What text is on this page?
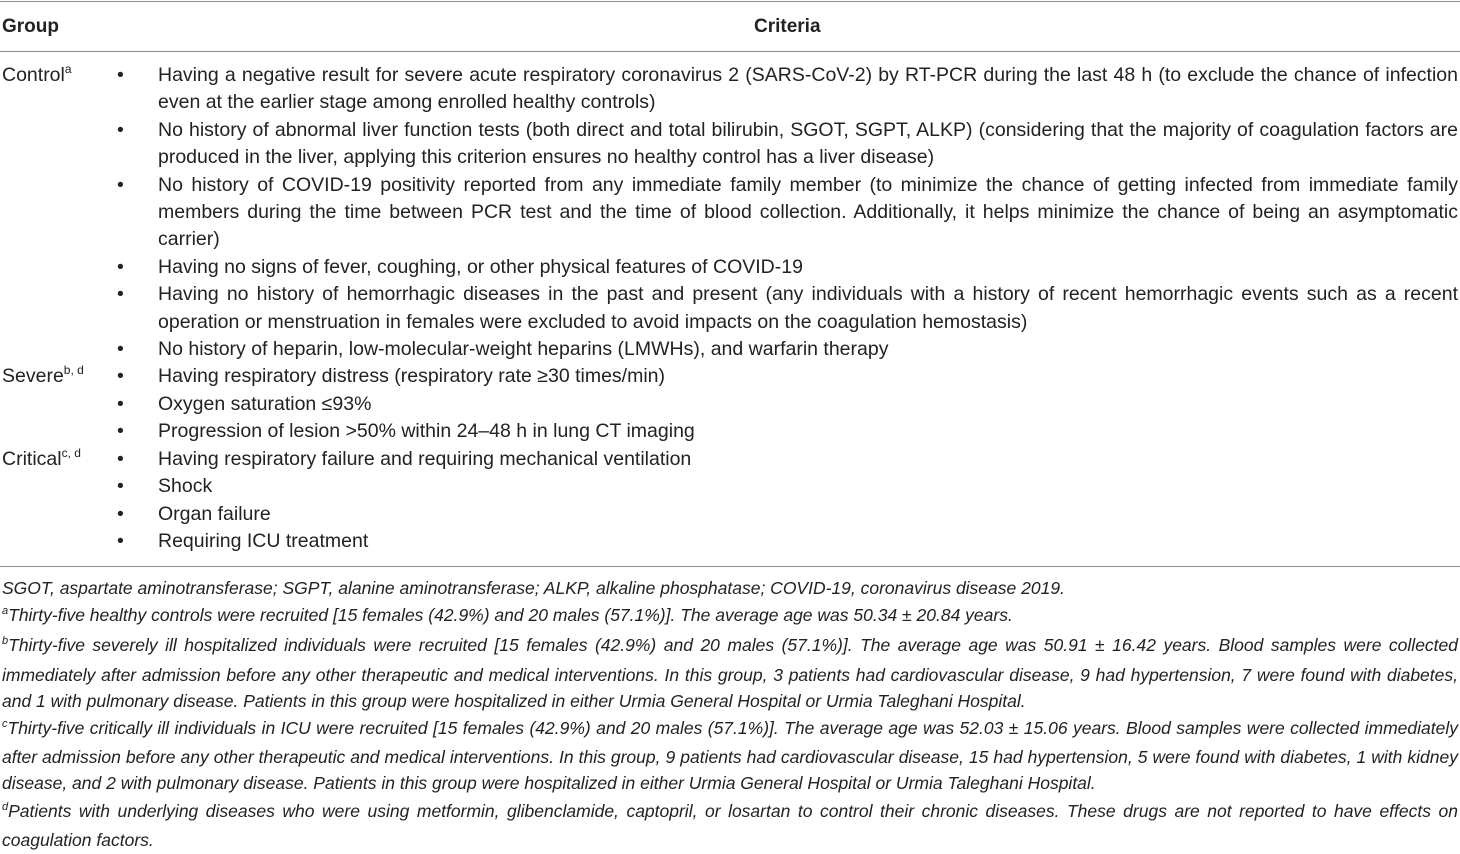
Group	Criteria
Control$^a$ • Having a negative result for severe acute respiratory coronavirus 2 (SARS-CoV-2) by RT-PCR during the last 48 h (to exclude the chance of infection even at the earlier stage among enrolled healthy controls)
• No history of abnormal liver function tests (both direct and total bilirubin, SGOT, SGPT, ALKP) (considering that the majority of coagulation factors are produced in the liver, applying this criterion ensures no healthy control has a liver disease)
• No history of COVID-19 positivity reported from any immediate family member (to minimize the chance of getting infected from immediate family members during the time between PCR test and the time of blood collection. Additionally, it helps minimize the chance of being an asymptomatic carrier)
• Having no signs of fever, coughing, or other physical features of COVID-19
• Having no history of hemorrhagic diseases in the past and present (any individuals with a history of recent hemorrhagic events such as a recent operation or menstruation in females were excluded to avoid impacts on the coagulation hemostasis)
• No history of heparin, low-molecular-weight heparins (LMWHs), and warfarin therapy
Severe$^{b, d}$ • Having respiratory distress (respiratory rate ≥30 times/min)
• Oxygen saturation ≤93%
• Progression of lesion >50% within 24–48 h in lung CT imaging
Critical$^{c, d}$ • Having respiratory failure and requiring mechanical ventilation
• Shock
• Organ failure
• Requiring ICU treatment
SGOT, aspartate aminotransferase; SGPT, alanine aminotransferase; ALKP, alkaline phosphatase; COVID-19, coronavirus disease 2019.
$^a$Thirty-five healthy controls were recruited [15 females (42.9%) and 20 males (57.1%)]. The average age was 50.34 ± 20.84 years.
$^b$Thirty-five severely ill hospitalized individuals were recruited [15 females (42.9%) and 20 males (57.1%)]. The average age was 50.91 ± 16.42 years. Blood samples were collected immediately after admission before any other therapeutic and medical interventions. In this group, 3 patients had cardiovascular disease, 9 had hypertension, 7 were found with diabetes, and 1 with pulmonary disease. Patients in this group were hospitalized in either Urmia General Hospital or Urmia Taleghani Hospital.
$^c$Thirty-five critically ill individuals in ICU were recruited [15 females (42.9%) and 20 males (57.1%)]. The average age was 52.03 ± 15.06 years. Blood samples were collected immediately after admission before any other therapeutic and medical interventions. In this group, 9 patients had cardiovascular disease, 15 had hypertension, 5 were found with diabetes, 1 with kidney disease, and 2 with pulmonary disease. Patients in this group were hospitalized in either Urmia General Hospital or Urmia Taleghani Hospital.
$^d$Patients with underlying diseases who were using metformin, glibenclamide, captopril, or losartan to control their chronic diseases. These drugs are not reported to have effects on coagulation factors.
